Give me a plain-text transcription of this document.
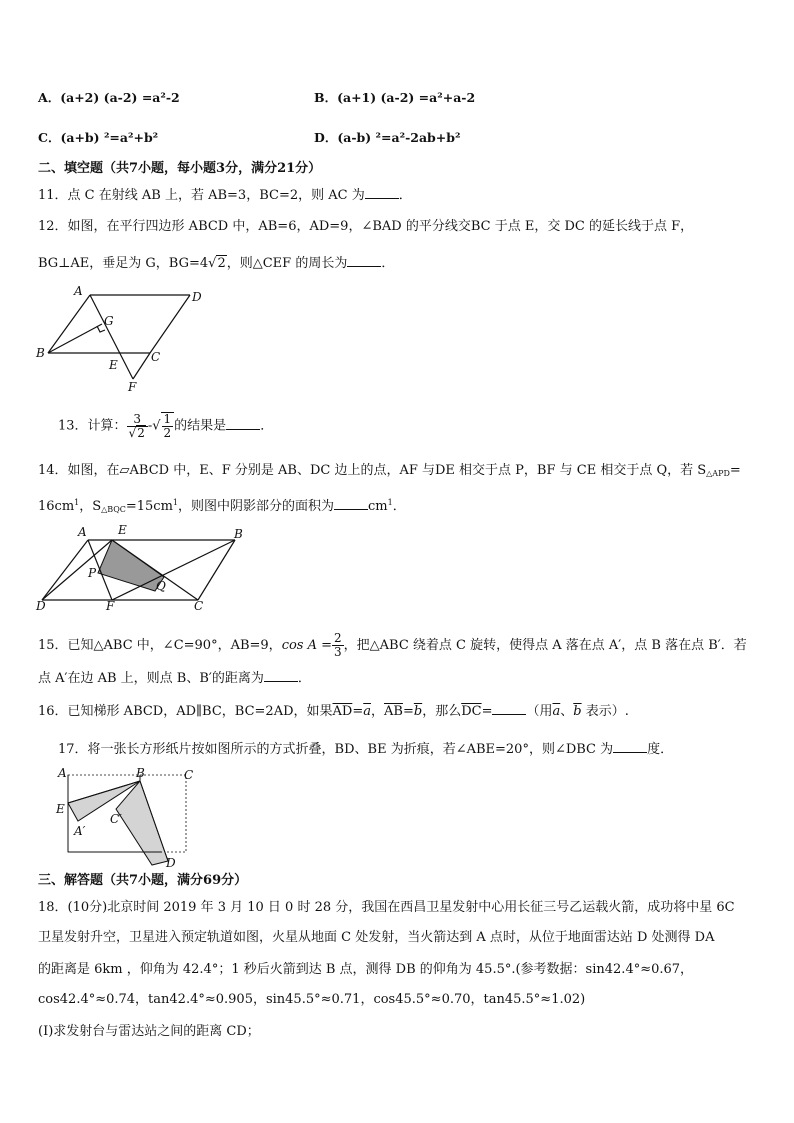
A．(a+2) (a-2) =a²-2	B．(a+1) (a-2) =a²+a-2
C．(a+b) ²=a²+b²	D．(a-b) ²=a²-2ab+b²
二、填空题（共7小题，每小题3分，满分21分）
11．点 C 在射线 AB 上，若 AB=3，BC=2，则 AC 为	．
12．如图，在平行四边形 ABCD 中，AB=6，AD=9，∠BAD 的平分线交BC 于点 E，交 DC 的延长线于点 F，
BG⊥AE，垂足为 G，BG=4√2，则△CEF 的周长为	．
A	D
G
B
E
C
F
13．计算： $\frac{3}{√2}$ -√ $\frac{1}{2}$ 的结果是	．
14．如图，在▱ABCD 中，E、F 分别是 AB、DC 边上的点，AF 与DE 相交于点 P，BF 与 CE 相交于点 Q，若 $S_{\triangle APD}=$
$16cm^1$，$S_{\triangle BQC}=15cm^1$，则图中阴影部分的面积为	$cm^1$．
A	E	B
P
Q
D	F	C
15．已知△ABC 中，∠C=90°，AB=9，$\cos A = \frac{2}{3}$ ，把△ABC 绕着点 C 旋转，使得点 A 落在点 A′，点 B 落在点 B′．若
点 A′在边 AB 上，则点 B、B′的距离为	．
16．已知梯形 ABCD，AD∥BC，BC=2AD，如果$\overline{AD}=\overline{a}$，$\overline{AB}=\overline{b}$，那么$\overline{DC}=$	（用$\overline{a}$、$\overline{b}$ 表示）.
17．将一张长方形纸片按如图所示的方式折叠，BD、BE 为折痕，若∠ABE=20°，则∠DBC 为	度．
A	B	C
E
C′
A′
D
三、解答题（共7小题，满分69分）
18．(10分)北京时间 2019 年 3 月 10 日 0 时 28 分，我国在西昌卫星发射中心用长征三号乙运载火箭，成功将中星 6C
卫星发射升空，卫星进入预定轨道如图，火星从地面 C 处发射，当火箭达到 A 点时，从位于地面雷达站 D 处测得 DA
的距离是 6km ，仰角为 42.4°；1 秒后火箭到达 B 点，测得 DB 的仰角为 45.5°.(参考数据：sin42.4°≈0.67，
cos42.4°≈0.74，tan42.4°≈0.905，sin45.5°≈0.71，cos45.5°≈0.70，tan45.5°≈1.02)
(Ⅰ)求发射台与雷达站之间的距离 CD；
